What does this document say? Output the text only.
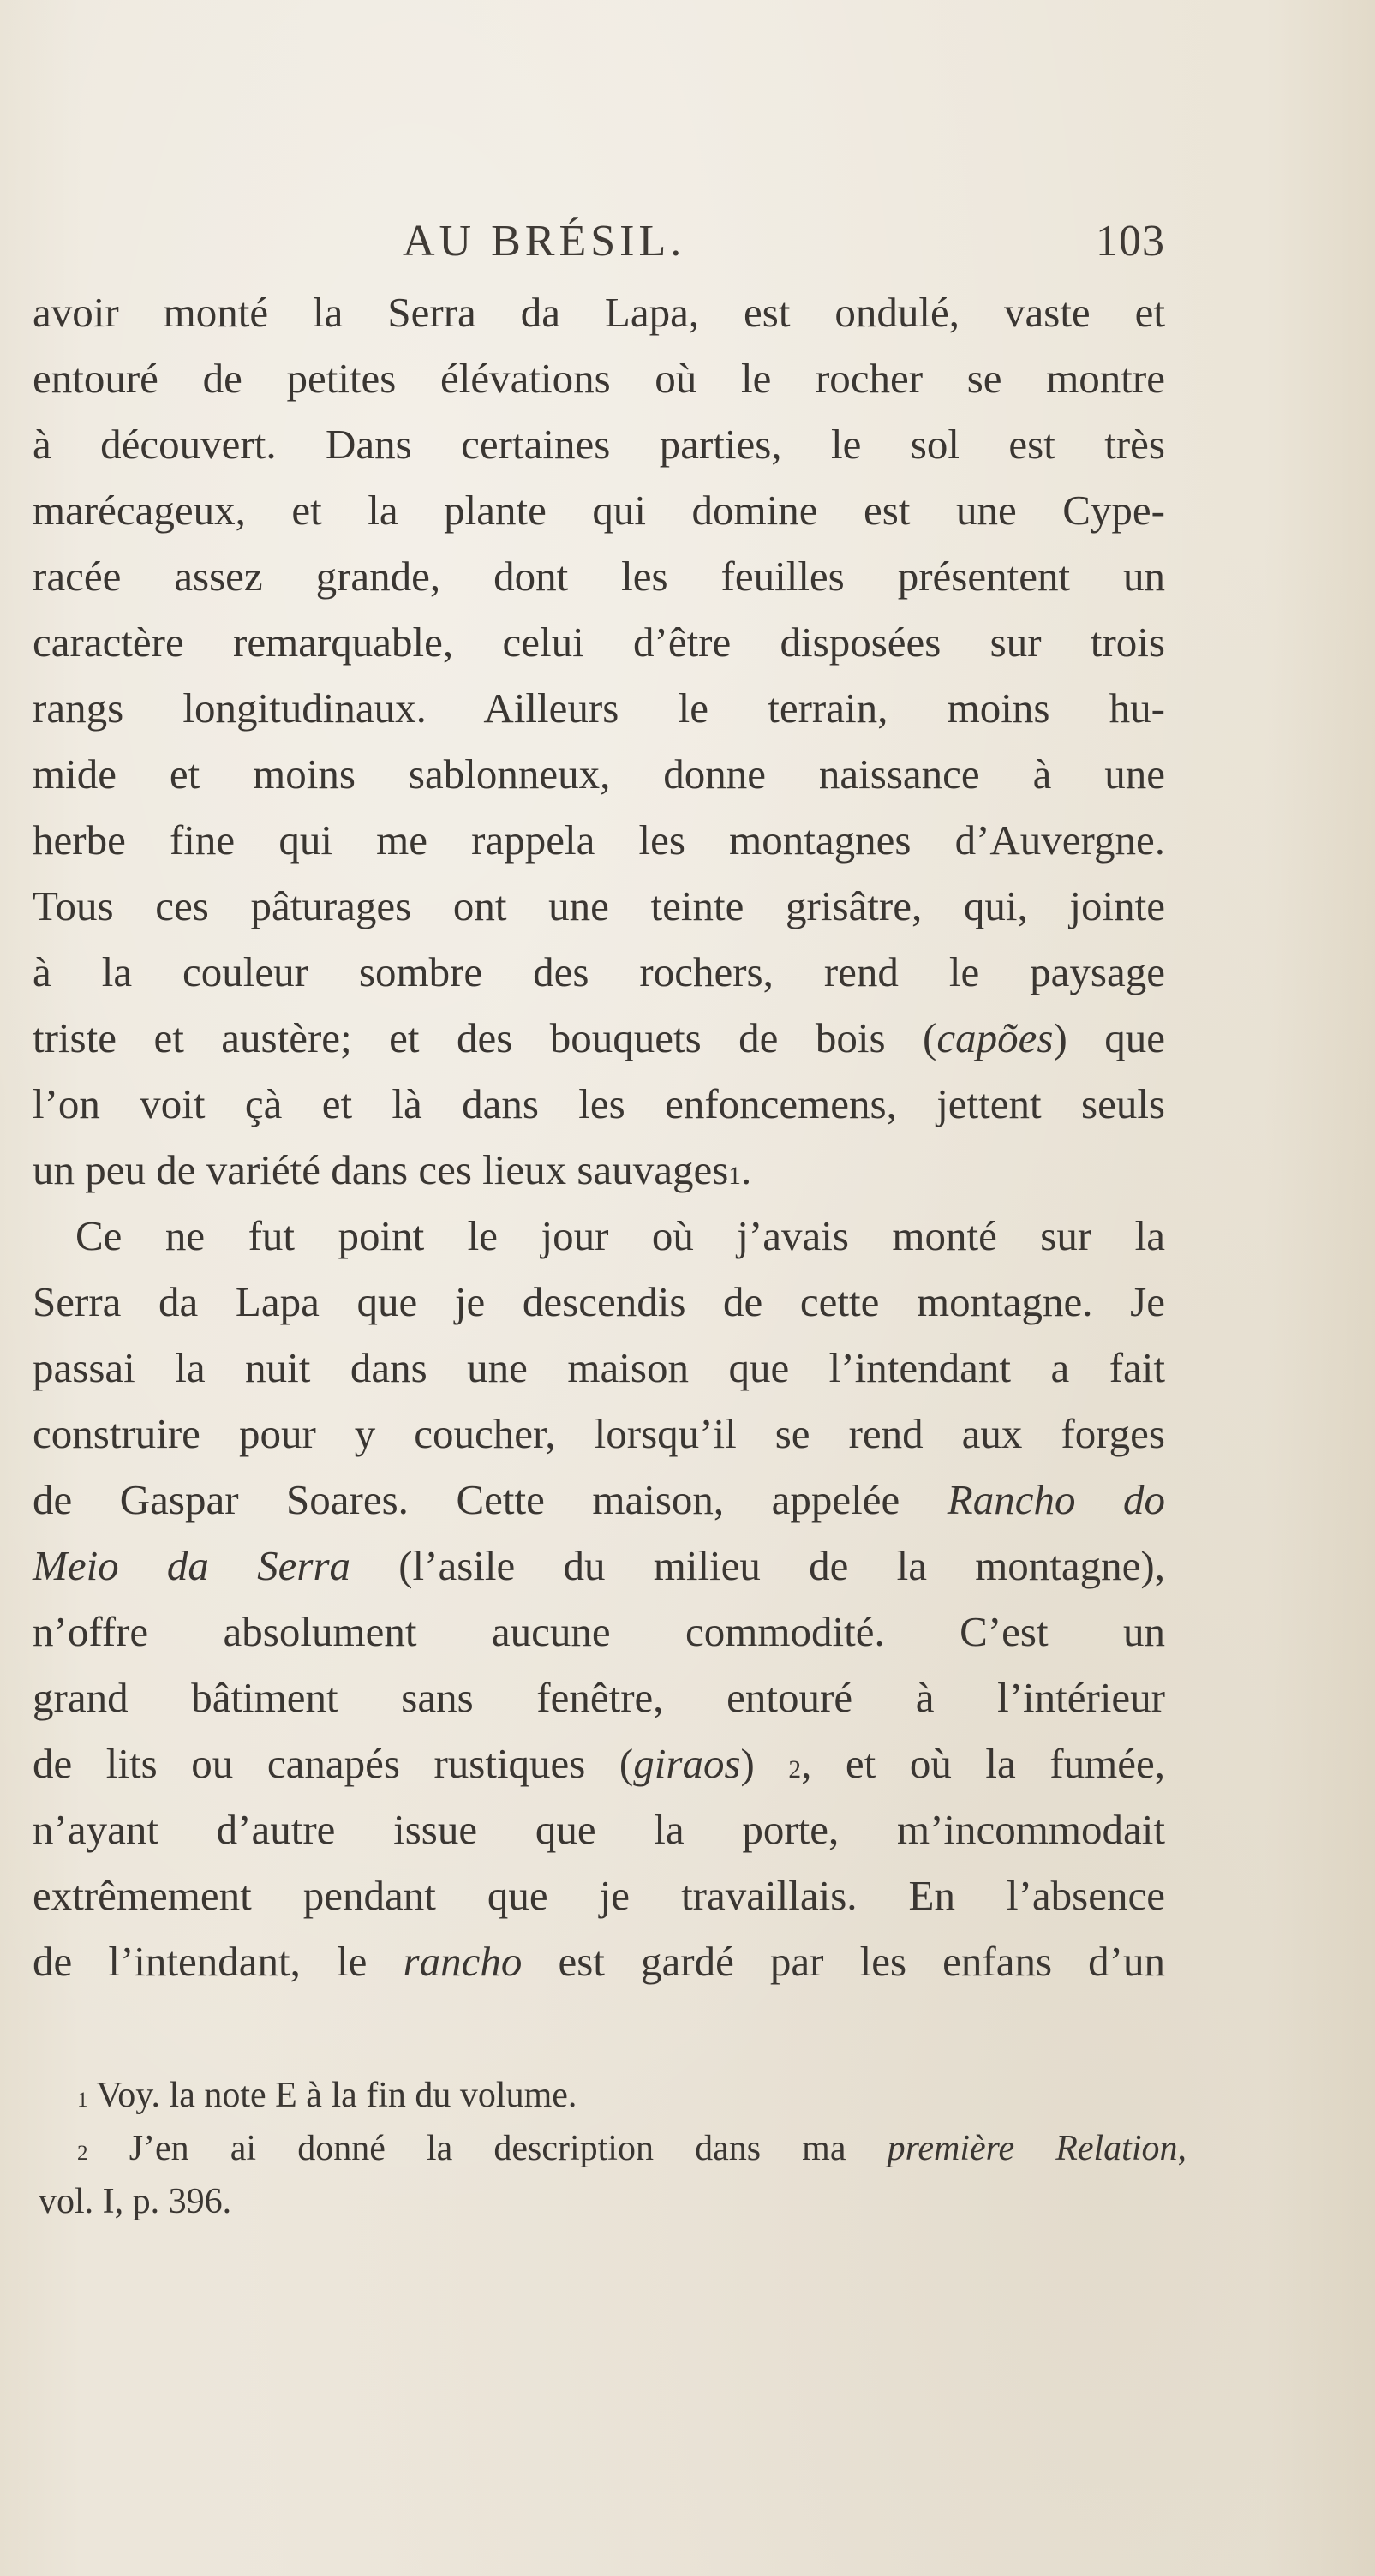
AU BRÉSIL.	103
avoir monté la Serra da Lapa, est ondulé, vaste et
entouré de petites élévations où le rocher se montre
à découvert. Dans certaines parties, le sol est très
marécageux, et la plante qui domine est une Cype-
racée assez grande, dont les feuilles présentent un
caractère remarquable, celui d’être disposées sur trois
rangs longitudinaux. Ailleurs le terrain, moins hu-
mide et moins sablonneux, donne naissance à une
herbe fine qui me rappela les montagnes d’Auvergne.
Tous ces pâturages ont une teinte grisâtre, qui, jointe
à la couleur sombre des rochers, rend le paysage
triste et austère; et des bouquets de bois (capões) que
l’on voit çà et là dans les enfoncemens, jettent seuls
un peu de variété dans ces lieux sauvages$^1$.
Ce ne fut point le jour où j’avais monté sur la
Serra da Lapa que je descendis de cette montagne. Je
passai la nuit dans une maison que l’intendant a fait
construire pour y coucher, lorsqu’il se rend aux forges
de Gaspar Soares. Cette maison, appelée Rancho do
Meio da Serra (l’asile du milieu de la montagne),
n’offre absolument aucune commodité. C’est un
grand bâtiment sans fenêtre, entouré à l’intérieur
de lits ou canapés rustiques (giraos) $^2$, et où la fumée,
n’ayant d’autre issue que la porte, m’incommodait
extrêmement pendant que je travaillais. En l’absence
de l’intendant, le rancho est gardé par les enfans d’un
$^1$ Voy. la note E à la fin du volume.
$^2$ J’en ai donné la description dans ma première Relation,
vol. I, p. 396.
